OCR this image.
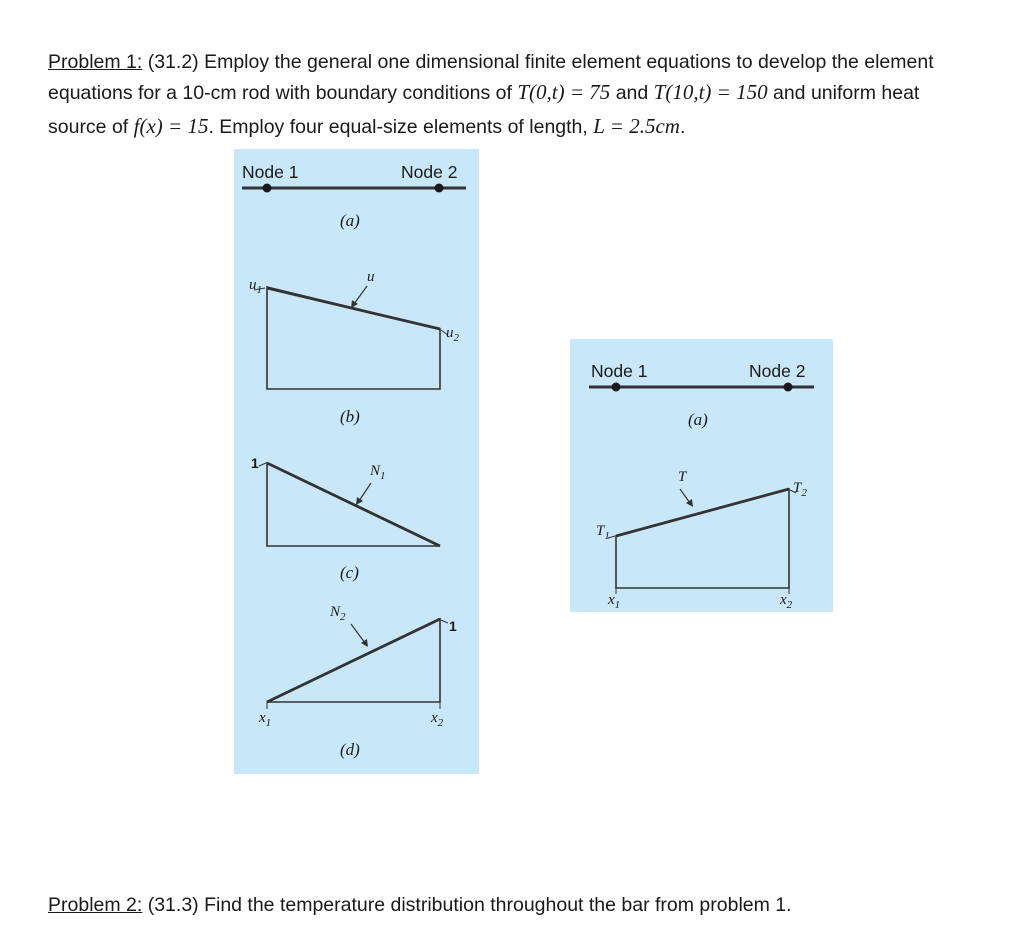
Problem 1: (31.2) Employ the general one dimensional finite element equations to develop the element
equations for a 10-cm rod with boundary conditions of T(0,t) = 75 and T(10,t) = 150 and uniform heat
source of f(x) = 15. Employ four equal-size elements of length, L = 2.5cm.
Node 1	Node 2
(a)
$u_1$
$u_2$
u
(b)
1	$N_1$
(c)
1
$N_2$
$x_1$	$x_2$
(d)
Node 1	Node 2
(a)
$T_1$
$T_2$
T
$x_1$	$x_2$
Problem 2: (31.3) Find the temperature distribution throughout the bar from problem 1.
